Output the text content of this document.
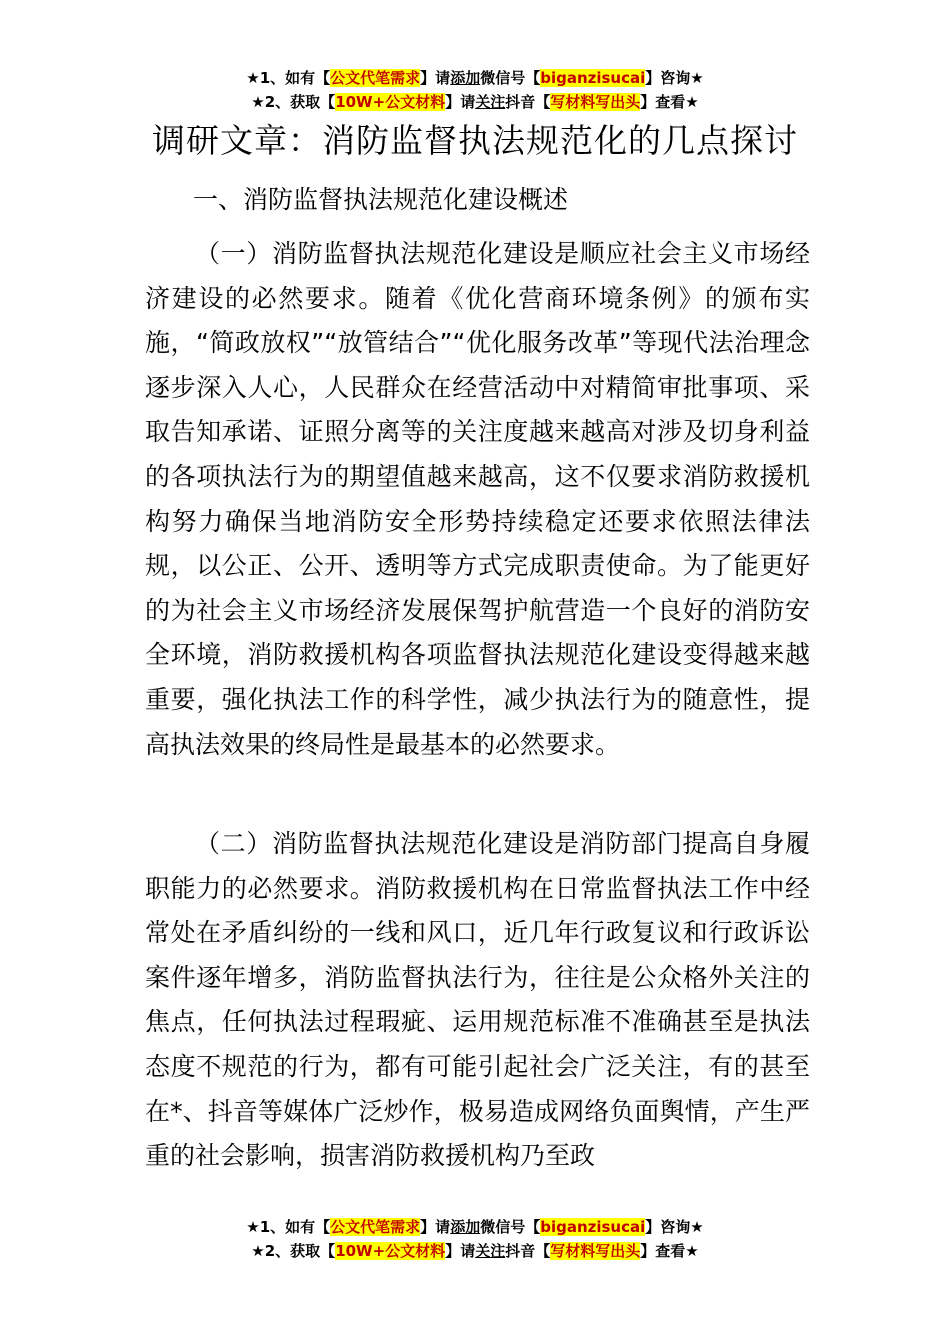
★1、如有【公文代笔需求】请添加微信号【biganzisucai】咨询★
★2、获取【10W+公文材料】请关注抖音【写材料写出头】查看★
调研文章：消防监督执法规范化的几点探讨
一、消防监督执法规范化建设概述
（一）消防监督执法规范化建设是顺应社会主义市场经济建设的必然要求。随着《优化营商环境条例》的颁布实施，“简政放权”“放管结合”“优化服务改革”等现代法治理念逐步深入人心，人民群众在经营活动中对精简审批事项、采取告知承诺、证照分离等的关注度越来越高对涉及切身利益的各项执法行为的期望值越来越高，这不仅要求消防救援机构努力确保当地消防安全形势持续稳定还要求依照法律法规，以公正、公开、透明等方式完成职责使命。为了能更好的为社会主义市场经济发展保驾护航营造一个良好的消防安全环境，消防救援机构各项监督执法规范化建设变得越来越重要，强化执法工作的科学性，减少执法行为的随意性，提高执法效果的终局性是最基本的必然要求。
（二）消防监督执法规范化建设是消防部门提高自身履职能力的必然要求。消防救援机构在日常监督执法工作中经常处在矛盾纠纷的一线和风口，近几年行政复议和行政诉讼案件逐年增多，消防监督执法行为，往往是公众格外关注的焦点，任何执法过程瑕疵、运用规范标准不准确甚至是执法态度不规范的行为，都有可能引起社会广泛关注，有的甚至在*、抖音等媒体广泛炒作，极易造成网络负面舆情，产生严重的社会影响，损害消防救援机构乃至政
★1、如有【公文代笔需求】请添加微信号【biganzisucai】咨询★
★2、获取【10W+公文材料】请关注抖音【写材料写出头】查看★
